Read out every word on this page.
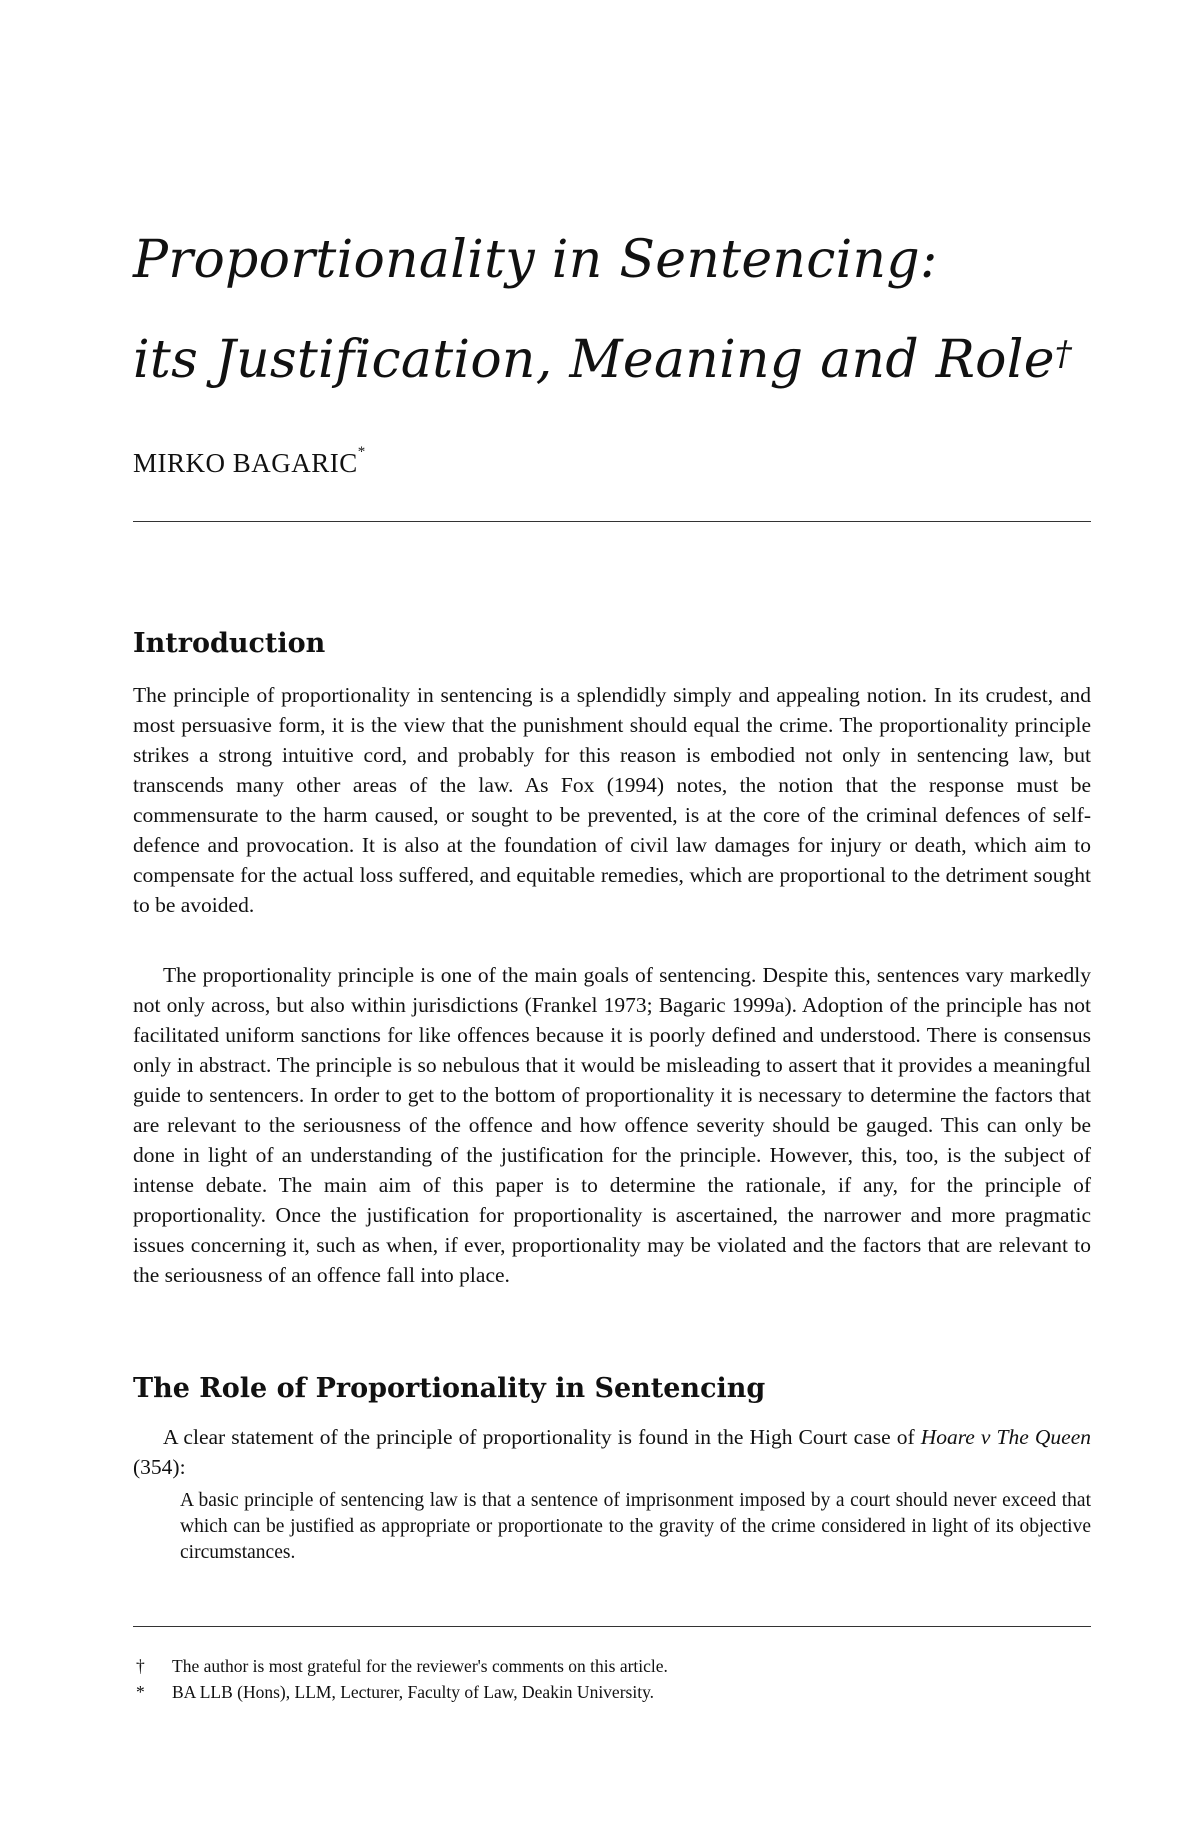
Proportionality in Sentencing:
its Justification, Meaning and Role†
MIRKO BAGARIC*
Introduction

The principle of proportionality in sentencing is a splendidly simply and appealing notion. In its crudest, and most persuasive form, it is the view that the punishment should equal the crime. The proportionality principle strikes a strong intuitive cord, and probably for this reason is embodied not only in sentencing law, but transcends many other areas of the law. As Fox (1994) notes, the notion that the response must be commensurate to the harm caused, or sought to be prevented, is at the core of the criminal defences of self-defence and provocation. It is also at the foundation of civil law damages for injury or death, which aim to compensate for the actual loss suffered, and equitable remedies, which are proportional to the detriment sought to be avoided.

The proportionality principle is one of the main goals of sentencing. Despite this, sentences vary markedly not only across, but also within jurisdictions (Frankel 1973; Bagaric 1999a). Adoption of the principle has not facilitated uniform sanctions for like offences because it is poorly defined and understood. There is consensus only in abstract. The principle is so nebulous that it would be misleading to assert that it provides a meaningful guide to sentencers. In order to get to the bottom of proportionality it is necessary to determine the factors that are relevant to the seriousness of the offence and how offence severity should be gauged. This can only be done in light of an understanding of the justification for the principle. However, this, too, is the subject of intense debate. The main aim of this paper is to determine the rationale, if any, for the principle of proportionality. Once the justification for proportionality is ascertained, the narrower and more pragmatic issues concerning it, such as when, if ever, proportionality may be violated and the factors that are relevant to the seriousness of an offence fall into place.

The Role of Proportionality in Sentencing

A clear statement of the principle of proportionality is found in the High Court case of Hoare v The Queen (354):

A basic principle of sentencing law is that a sentence of imprisonment imposed by a court should never exceed that which can be justified as appropriate or proportionate to the gravity of the crime considered in light of its objective circumstances.

†	The author is most grateful for the reviewer's comments on this article.
*	BA LLB (Hons), LLM, Lecturer, Faculty of Law, Deakin University.
